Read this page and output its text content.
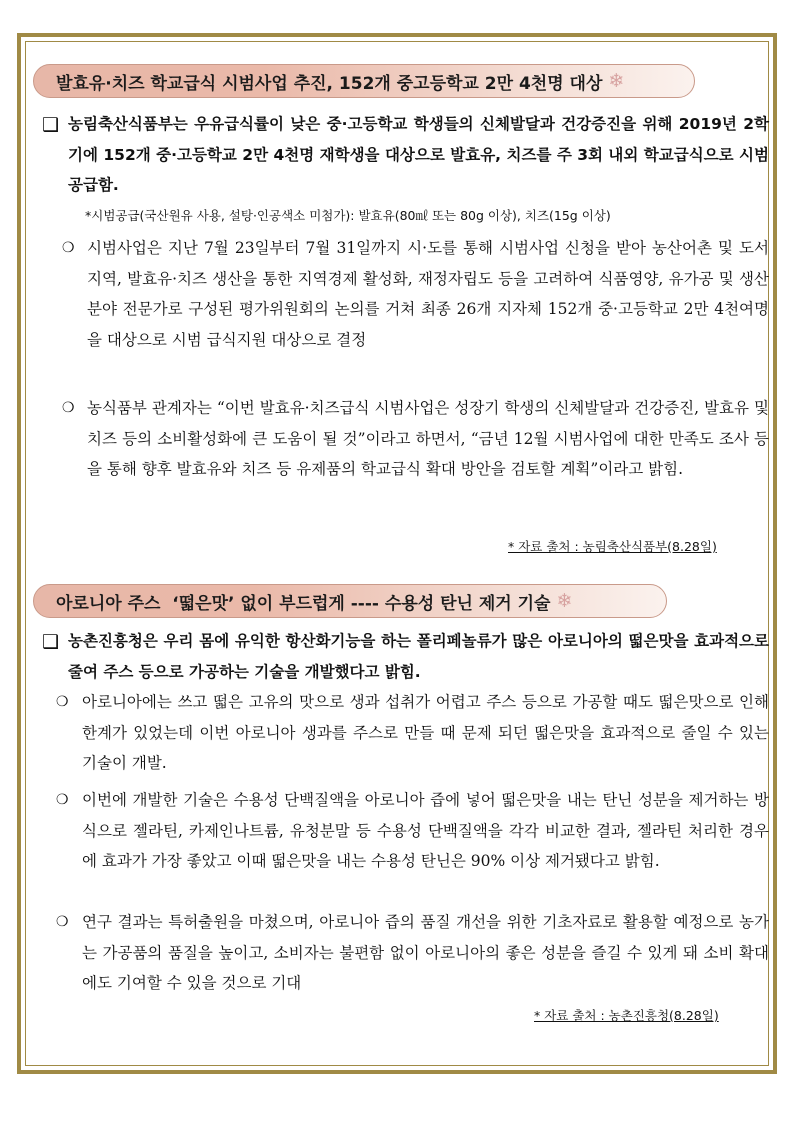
발효유·치즈 학교급식 시범사업 추진, 152개 중고등학교 2만 4천명 대상 ❄
❑ 농림축산식품부는 우유급식률이 낮은 중·고등학교 학생들의 신체발달과 건강증진을 위해 2019년 2학기에 152개 중·고등학교 2만 4천명 재학생을 대상으로 발효유, 치즈를 주 3회 내외 학교급식으로 시범 공급함.
*시범공급(국산원유 사용, 설탕·인공색소 미첨가): 발효유(80㎖ 또는 80g 이상), 치즈(15g 이상)
❍ 시범사업은 지난 7월 23일부터 7월 31일까지 시·도를 통해 시범사업 신청을 받아 농산어촌 및 도서지역, 발효유·치즈 생산을 통한 지역경제 활성화, 재정자립도 등을 고려하여 식품영양, 유가공 및 생산 분야 전문가로 구성된 평가위원회의 논의를 거쳐 최종 26개 지자체 152개 중·고등학교 2만 4천여명을 대상으로 시범 급식지원 대상으로 결정
❍ 농식품부 관계자는 “이번 발효유·치즈급식 시범사업은 성장기 학생의 신체발달과 건강증진, 발효유 및 치즈 등의 소비활성화에 큰 도움이 될 것”이라고 하면서, “금년 12월 시범사업에 대한 만족도 조사 등을 통해 향후 발효유와 치즈 등 유제품의 학교급식 확대 방안을 검토할 계획”이라고 밝힘.
* 자료 출처 : 농림축산식품부(8.28일)
아로니아 주스  ‘떫은맛’ 없이 부드럽게 ---- 수용성 탄닌 제거 기술 ❄
❑ 농촌진흥청은 우리 몸에 유익한 항산화기능을 하는 폴리페놀류가 많은 아로니아의 떫은맛을 효과적으로 줄여 주스 등으로 가공하는 기술을 개발했다고 밝힘.
❍ 아로니아에는 쓰고 떫은 고유의 맛으로 생과 섭취가 어렵고 주스 등으로 가공할 때도 떫은맛으로 인해 한계가 있었는데 이번 아로니아 생과를 주스로 만들 때 문제 되던 떫은맛을 효과적으로 줄일 수 있는 기술이 개발.
❍ 이번에 개발한 기술은 수용성 단백질액을 아로니아 즙에 넣어 떫은맛을 내는 탄닌 성분을 제거하는 방식으로 젤라틴, 카제인나트륨, 유청분말 등 수용성 단백질액을 각각 비교한 결과, 젤라틴 처리한 경우에 효과가 가장 좋았고 이때 떫은맛을 내는 수용성 탄닌은 90% 이상 제거됐다고 밝힘.
❍ 연구 결과는 특허출원을 마쳤으며, 아로니아 즙의 품질 개선을 위한 기초자료로 활용할 예정으로 농가는 가공품의 품질을 높이고, 소비자는 불편함 없이 아로니아의 좋은 성분을 즐길 수 있게 돼 소비 확대에도 기여할 수 있을 것으로 기대
* 자료 출처 : 농촌진흥청(8.28일)
